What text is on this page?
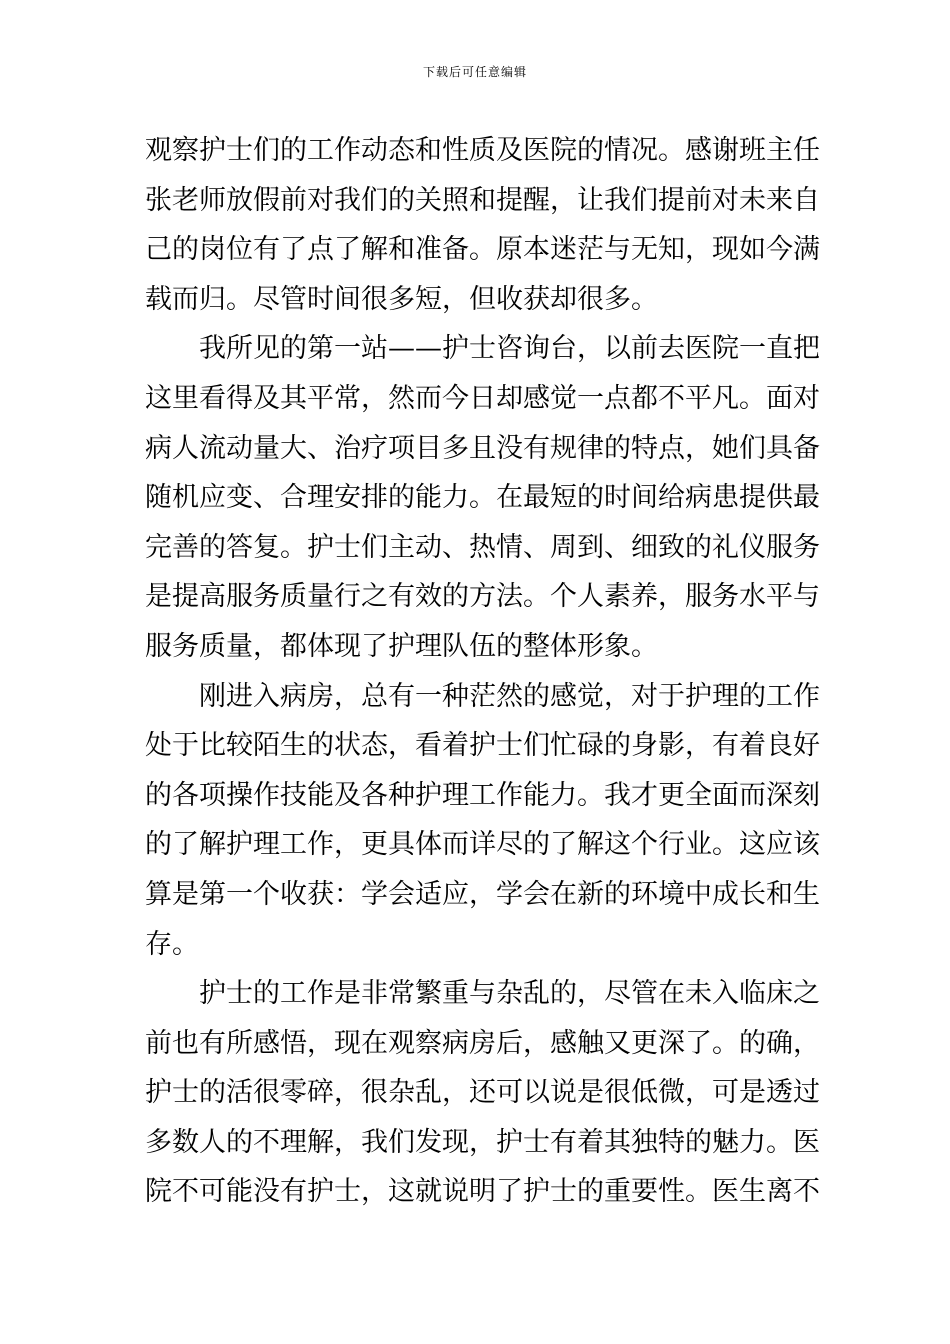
下载后可任意编辑
观察护士们的工作动态和性质及医院的情况。感谢班主任
张老师放假前对我们的关照和提醒，让我们提前对未来自
己的岗位有了点了解和准备。原本迷茫与无知，现如今满
载而归。尽管时间很多短，但收获却很多。
我所见的第一站——护士咨询台，以前去医院一直把
这里看得及其平常，然而今日却感觉一点都不平凡。面对
病人流动量大、治疗项目多且没有规律的特点，她们具备
随机应变、合理安排的能力。在最短的时间给病患提供最
完善的答复。护士们主动、热情、周到、细致的礼仪服务
是提高服务质量行之有效的方法。个人素养，服务水平与
服务质量，都体现了护理队伍的整体形象。
刚进入病房，总有一种茫然的感觉，对于护理的工作
处于比较陌生的状态，看着护士们忙碌的身影，有着良好
的各项操作技能及各种护理工作能力。我才更全面而深刻
的了解护理工作，更具体而详尽的了解这个行业。这应该
算是第一个收获：学会适应，学会在新的环境中成长和生
存。
护士的工作是非常繁重与杂乱的，尽管在未入临床之
前也有所感悟，现在观察病房后，感触又更深了。的确，
护士的活很零碎，很杂乱，还可以说是很低微，可是透过
多数人的不理解，我们发现，护士有着其独特的魅力。医
院不可能没有护士，这就说明了护士的重要性。医生离不
